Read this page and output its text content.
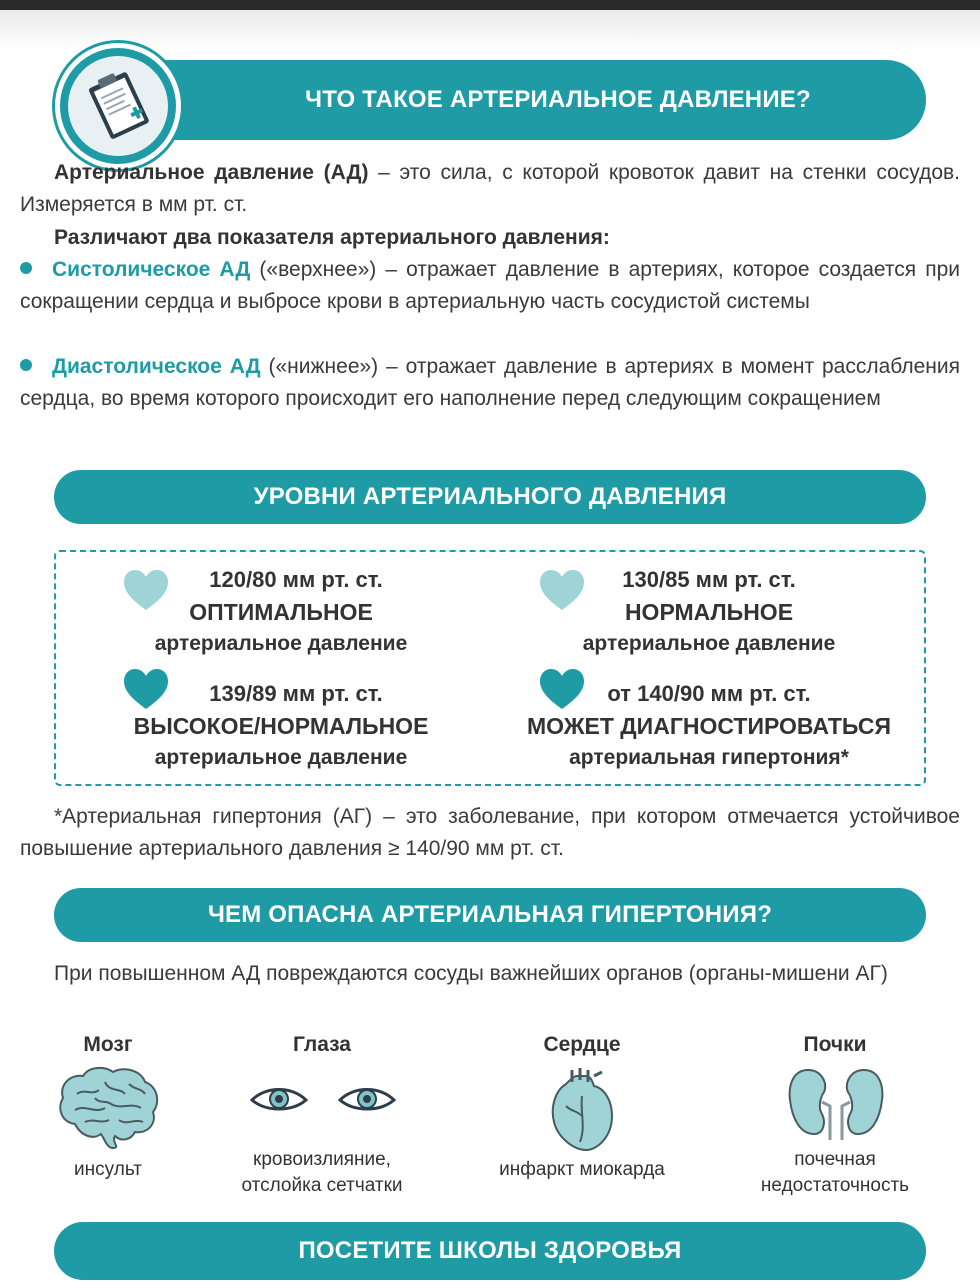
ЧТО ТАКОЕ АРТЕРИАЛЬНОЕ ДАВЛЕНИЕ?
Артериальное давление (АД) – это сила, с которой кровоток давит на стенки сосудов. Измеряется в мм рт. ст.
Различают два показателя артериального давления:
Систолическое АД («верхнее») – отражает давление в артериях, которое создается при сокращении сердца и выбросе крови в артериальную часть сосудистой системы
Диастолическое АД («нижнее») – отражает давление в артериях в момент расслабления сердца, во время которого происходит его наполнение перед следующим сокращением
УРОВНИ АРТЕРИАЛЬНОГО ДАВЛЕНИЯ
120/80 мм рт. ст.
ОПТИМАЛЬНОЕ
артериальное давление
130/85 мм рт. ст.
НОРМАЛЬНОЕ
артериальное давление
139/89 мм рт. ст.
ВЫСОКОЕ/НОРМАЛЬНОЕ
артериальное давление
от 140/90 мм рт. ст.
МОЖЕТ ДИАГНОСТИРОВАТЬСЯ
артериальная гипертония*
*Артериальная гипертония (АГ) – это заболевание, при котором отмечается устойчивое повышение артериального давления ≥ 140/90 мм рт. ст.
ЧЕМ ОПАСНА АРТЕРИАЛЬНАЯ ГИПЕРТОНИЯ?
При повышенном АД повреждаются сосуды важнейших органов (органы-мишени АГ)
Мозг
инсульт
Глаза
кровоизлияние, отслойка сетчатки
Сердце
инфаркт миокарда
Почки
почечная недостаточность
ПОСЕТИТЕ ШКОЛЫ ЗДОРОВЬЯ
